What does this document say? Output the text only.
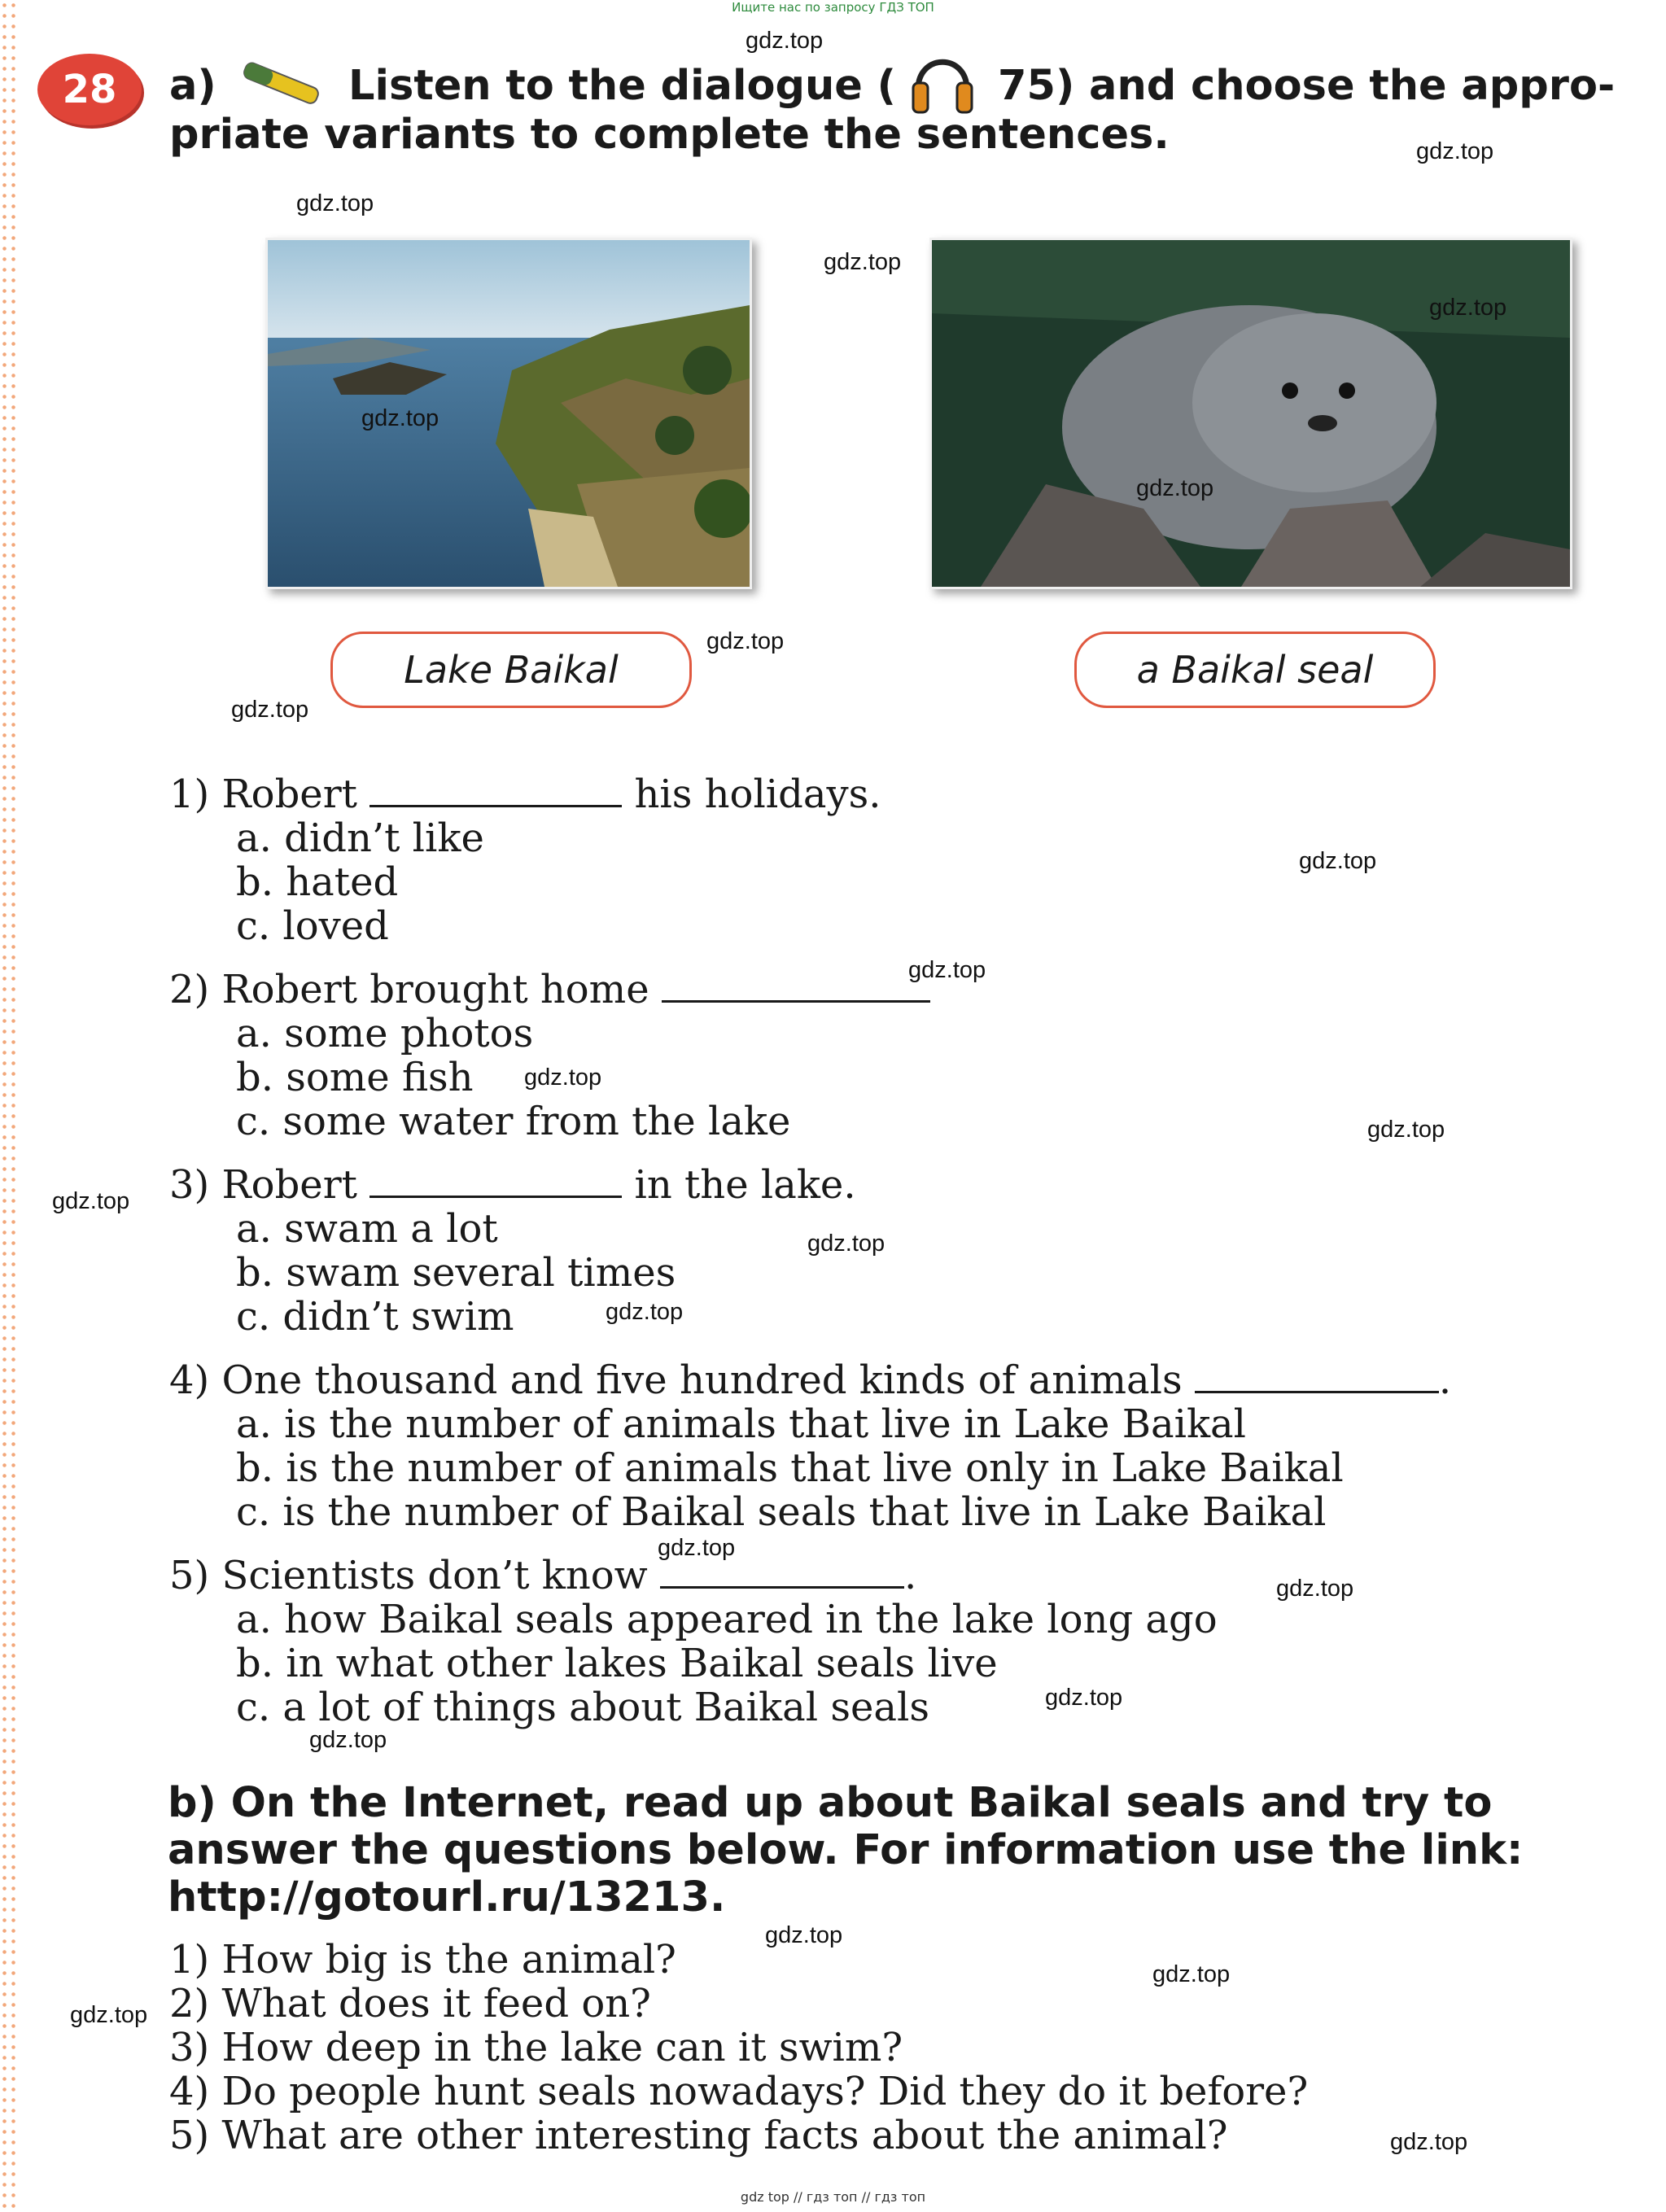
Ищите нас по запросу ГДЗ ТОП
28	a)	Listen to the dialogue ( 75) and choose the appro-
priate variants to complete the sentences.
Lake Baikal	a Baikal seal
1) Robert	his holidays.
a. didn’t like
b. hated
c. loved
2) Robert brought home
a. some photos
b. some fish
c. some water from the lake
3) Robert	in the lake.
a. swam a lot
b. swam several times
c. didn’t swim
4) One thousand and five hundred kinds of animals	.
a. is the number of animals that live in Lake Baikal
b. is the number of animals that live only in Lake Baikal
c. is the number of Baikal seals that live in Lake Baikal
5) Scientists don’t know	.
a. how Baikal seals appeared in the lake long ago
b. in what other lakes Baikal seals live
c. a lot of things about Baikal seals
b) On the Internet, read up about Baikal seals and try to
answer the questions below. For information use the link:
http://gotourl.ru/13213.
1) How big is the animal?
2) What does it feed on?
3) How deep in the lake can it swim?
4) Do people hunt seals nowadays? Did they do it before?
5) What are other interesting facts about the animal?
gdz.top
gdz.top
gdz.top
gdz.top
gdz.top
gdz.top
gdz.top
gdz.top
gdz.top
gdz.top
gdz.top
gdz.top
gdz.top
gdz.top
gdz.top
gdz.top
gdz.top
gdz.top
gdz.top
gdz.top
gdz.top
gdz.top
gdz.top
gdz.top
gdz top // гдз топ // гдз топ
